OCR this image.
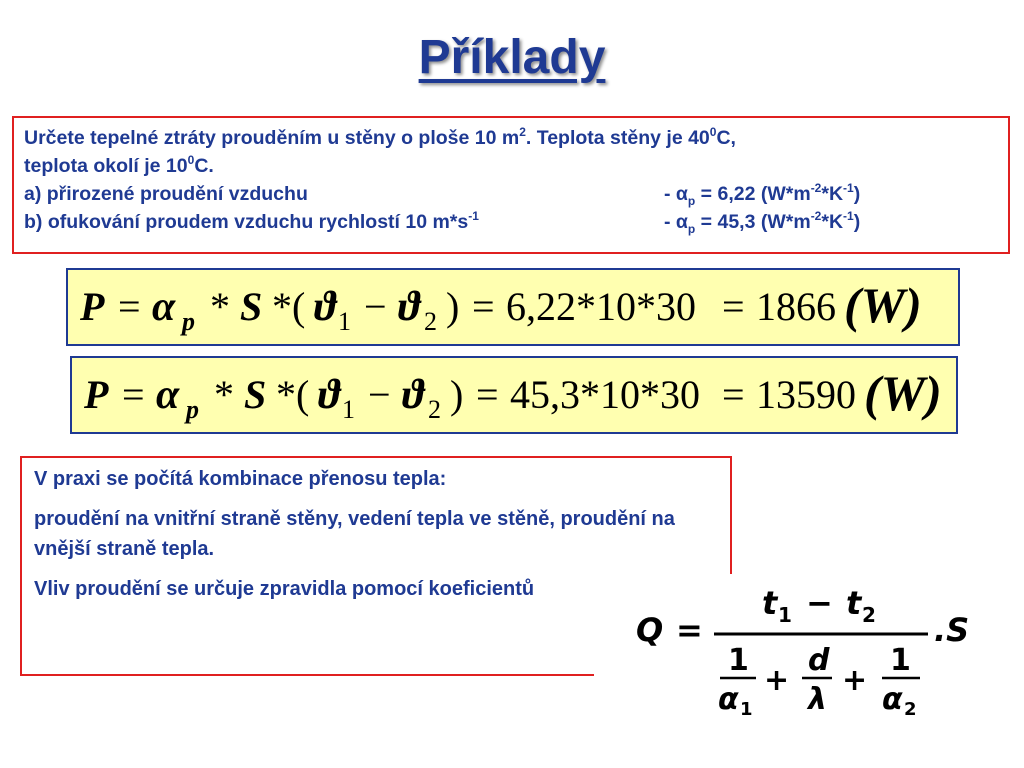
Příklady
Určete tepelné ztráty prouděním u stěny o ploše 10 $m^2$. Teplota stěny je $40^0C$,
teplota okolí je $10^0C$.
a) přirozené proudění vzduchu	- $\alpha_p = 6,22$ $(W*m^{-2}*K^{-1})$
b) ofukování proudem vzduchu rychlostí 10 $m*s^{-1}$	- $\alpha_p = 45,3$ $(W*m^{-2}*K^{-1})$
P = α p * S *( ϑ 1 − ϑ 2 ) = 6,22*10*30 = 1866 (W)
P = α p * S *( ϑ 1 − ϑ 2 ) = 45,3*10*30 = 13590 (W)

V praxi se počítá kombinace přenosu tepla:

proudění na vnitřní straně stěny, vedení tepla ve stěně, proudění na vnější straně tepla.

Vliv proudění se určuje zpravidla pomocí koeficientů

Q =
t 1 − t 2
1
α 1
+
d
λ
+
1
α 2
.S
